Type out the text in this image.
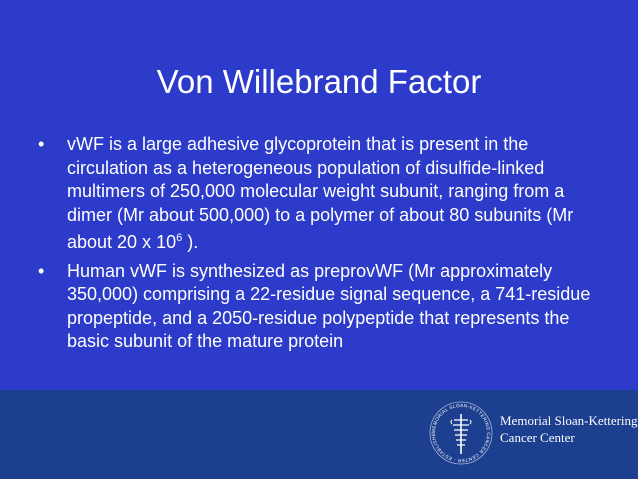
Von Willebrand Factor
• vWF is a large adhesive glycoprotein that is present in the circulation as a heterogeneous population of disulfide-linked multimers of 250,000 molecular weight subunit, ranging from a dimer (Mr about 500,000) to a polymer of about 80 subunits (Mr about 20 x $10^6$ ).
• Human vWF is synthesized as preprovWF (Mr approximately 350,000) comprising a 22-residue signal sequence, a 741-residue propeptide, and a 2050-residue polypeptide that represents the basic subunit of the mature protein
MEMORIAL SLOAN-KETTERING CANCER CENTER · ESTABLISHE
Memorial Sloan-Kettering
Cancer Center
